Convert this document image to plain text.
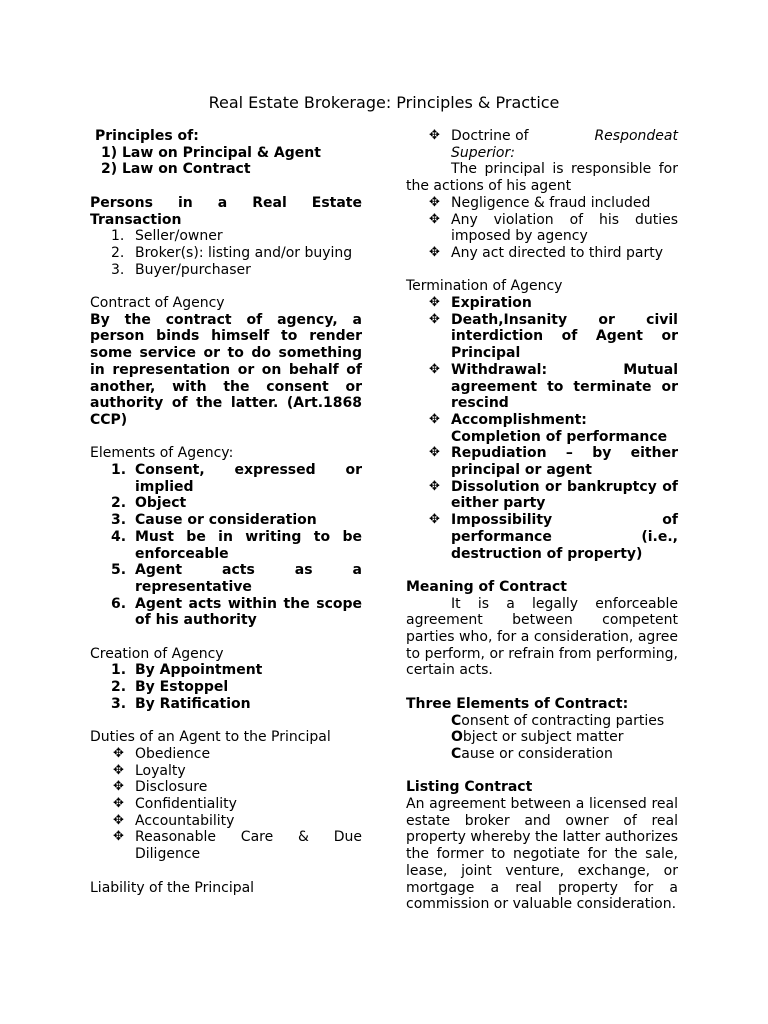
Real Estate Brokerage: Principles & Practice
Principles of:
1) Law on Principal & Agent
2) Law on Contract
Persons in a Real Estate Transaction
1. Seller/owner
2. Broker(s): listing and/or buying
3. Buyer/purchaser
Contract of Agency
By the contract of agency, a person binds himself to render some service or to do something in representation or on behalf of another, with the consent or authority of the latter. (Art.1868 CCP)
Elements of Agency:
1. Consent, expressed or implied
2. Object
3. Cause or consideration
4. Must be in writing to be enforceable
5. Agent acts as a representative
6. Agent acts within the scope of his authority
Creation of Agency
1. By Appointment
2. By Estoppel
3. By Ratification
Duties of an Agent to the Principal
✥ Obedience
✥ Loyalty
✥ Disclosure
✥ Confidentiality
✥ Accountability
✥ Reasonable Care & Due Diligence
Liability of the Principal
✥ Doctrine of	Respondeat
Superior:
The principal is responsible for the actions of his agent
✥ Negligence & fraud included
✥ Any violation of his duties imposed by agency
✥ Any act directed to third party
Termination of Agency
✥ Expiration
✥ Death,Insanity or civil interdiction of Agent or Principal
✥ Withdrawal: Mutual agreement to terminate or rescind
✥ Accomplishment: Completion of performance
✥ Repudiation – by either principal or agent
✥ Dissolution or bankruptcy of either party
✥ Impossibility of performance (i.e., destruction of property)
Meaning of Contract
It is a legally enforceable agreement between competent parties who, for a consideration, agree to perform, or refrain from performing, certain acts.
Three Elements of Contract:
Consent of contracting parties
Object or subject matter
Cause or consideration
Listing Contract
An agreement between a licensed real estate broker and owner of real property whereby the latter authorizes the former to negotiate for the sale, lease, joint venture, exchange, or mortgage a real property for a commission or valuable consideration.
